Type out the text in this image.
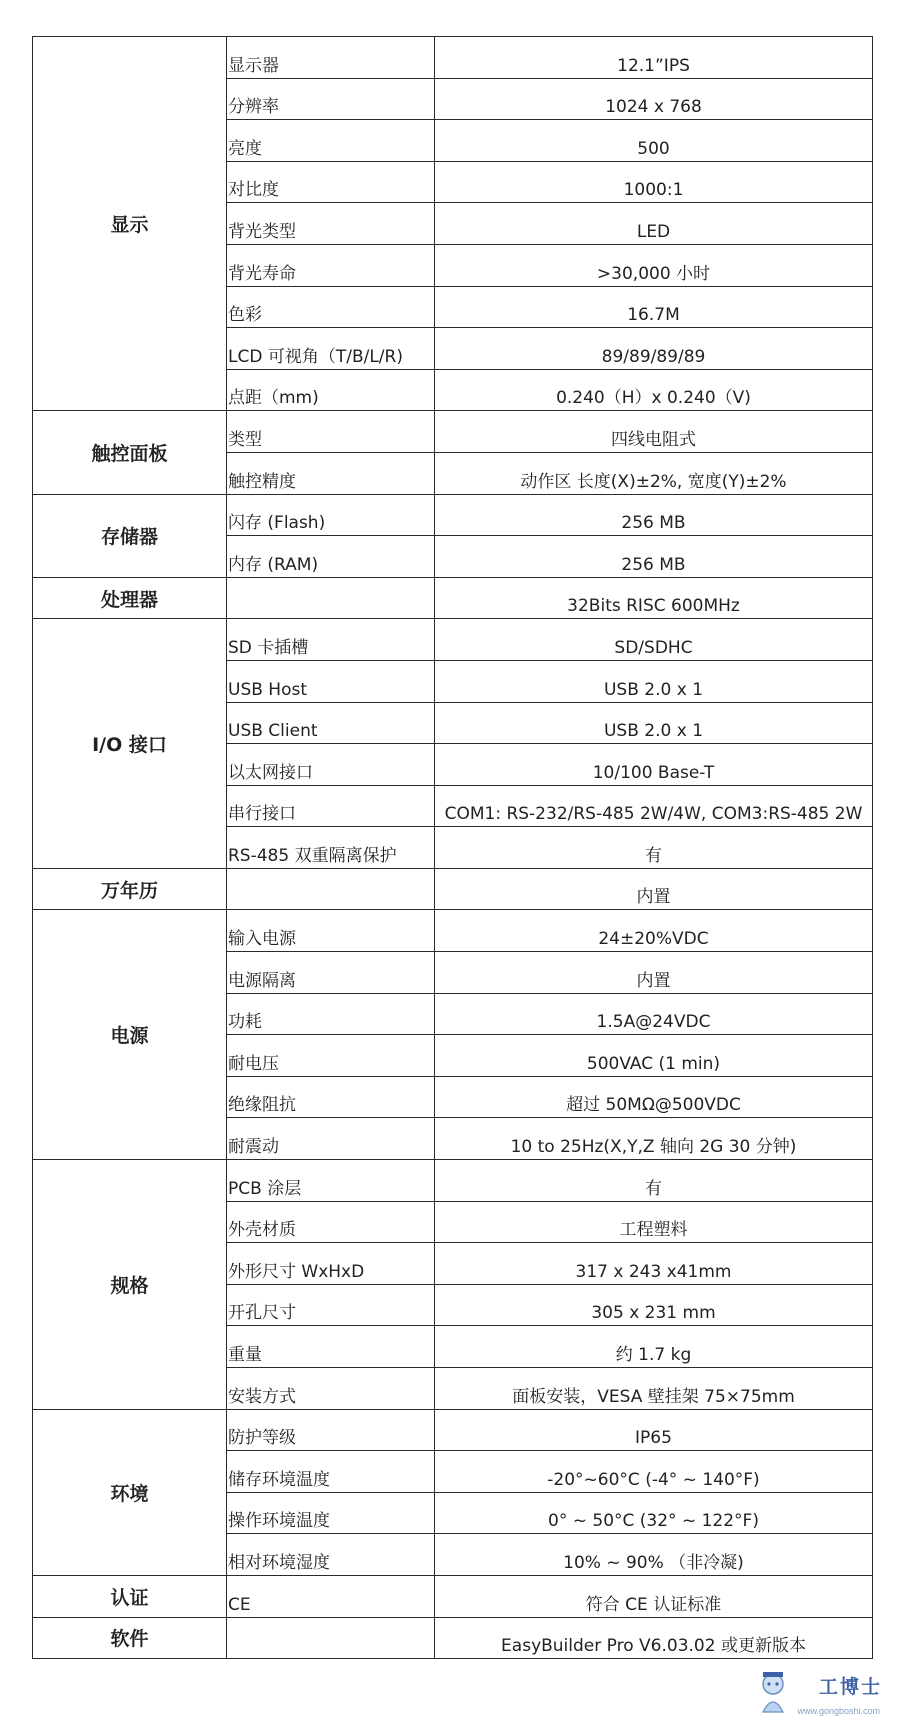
显示	显示器	12.1”IPS
	分辨率	1024 x 768
	亮度	500
	对比度	1000:1
	背光类型	LED
	背光寿命	>30,000 小时
	色彩	16.7M
	LCD 可视角（T/B/L/R)	89/89/89/89
	点距（mm)	0.240（H）x 0.240（V)
触控面板	类型	四线电阻式
	触控精度	动作区 长度(X)±2%, 宽度(Y)±2%
存储器	闪存 (Flash)	256 MB
	内存 (RAM)	256 MB
处理器		32Bits RISC 600MHz
I/O 接口	SD 卡插槽	SD/SDHC
	USB Host	USB 2.0 x 1
	USB Client	USB 2.0 x 1
	以太网接口	10/100 Base-T
	串行接口	COM1: RS-232/RS-485 2W/4W, COM3:RS-485 2W
	RS-485 双重隔离保护	有
万年历		内置
电源	输入电源	24±20%VDC
	电源隔离	内置
	功耗	1.5A@24VDC
	耐电压	500VAC (1 min)
	绝缘阻抗	超过 50MΩ@500VDC
	耐震动	10 to 25Hz(X,Y,Z 轴向 2G 30 分钟)
规格	PCB 涂层	有
	外壳材质	工程塑料
	外形尺寸 WxHxD	317 x 243 x41mm
	开孔尺寸	305 x 231 mm
	重量	约 1.7 kg
	安装方式	面板安装，VESA 壁挂架 75×75mm
环境	防护等级	IP65
	储存环境温度	-20°~60°C (-4° ~ 140°F)
	操作环境温度	0° ~ 50°C (32° ~ 122°F)
	相对环境湿度	10% ~ 90% （非冷凝)
认证	CE	符合 CE 认证标准
软件		EasyBuilder Pro V6.03.02 或更新版本
工博士
www.gongboshi.com
